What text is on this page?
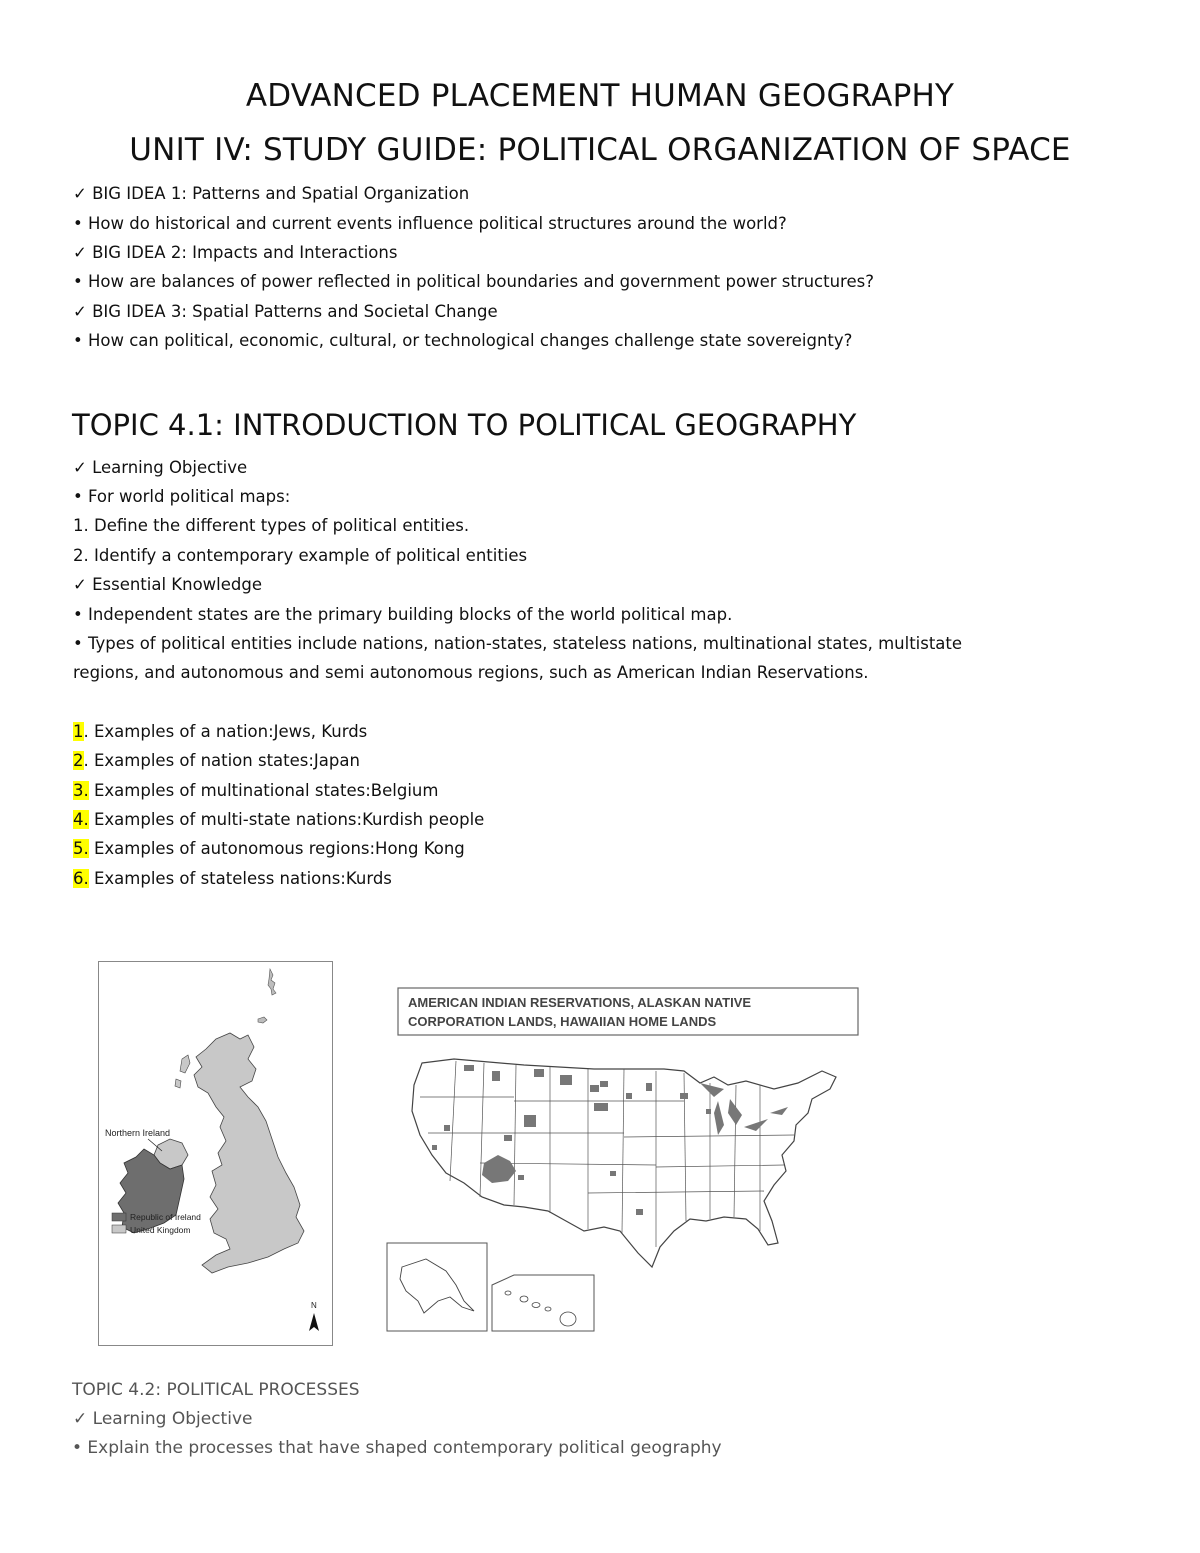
ADVANCED PLACEMENT HUMAN GEOGRAPHY
UNIT IV: STUDY GUIDE: POLITICAL ORGANIZATION OF SPACE
✓ BIG IDEA 1: Patterns and Spatial Organization
• How do historical and current events influence political structures around the world?
✓ BIG IDEA 2: Impacts and Interactions
• How are balances of power reflected in political boundaries and government power structures?
✓ BIG IDEA 3: Spatial Patterns and Societal Change
• How can political, economic, cultural, or technological changes challenge state sovereignty?
TOPIC 4.1: INTRODUCTION TO POLITICAL GEOGRAPHY
✓ Learning Objective
• For world political maps:
1. Define the different types of political entities.
2. Identify a contemporary example of political entities
✓ Essential Knowledge
• Independent states are the primary building blocks of the world political map.
• Types of political entities include nations, nation-states, stateless nations, multinational states, multistate
regions, and autonomous and semi autonomous regions, such as American Indian Reservations.
1. Examples of a nation:Jews, Kurds
2. Examples of nation states:Japan
3. Examples of multinational states:Belgium
4. Examples of multi-state nations:Kurdish people
5. Examples of autonomous regions:Hong Kong
6. Examples of stateless nations:Kurds
Northern Ireland
Republic of Ireland
United Kingdom
N
AMERICAN INDIAN RESERVATIONS, ALASKAN NATIVE
CORPORATION LANDS, HAWAIIAN HOME LANDS
TOPIC 4.2: POLITICAL PROCESSES
✓ Learning Objective
• Explain the processes that have shaped contemporary political geography
